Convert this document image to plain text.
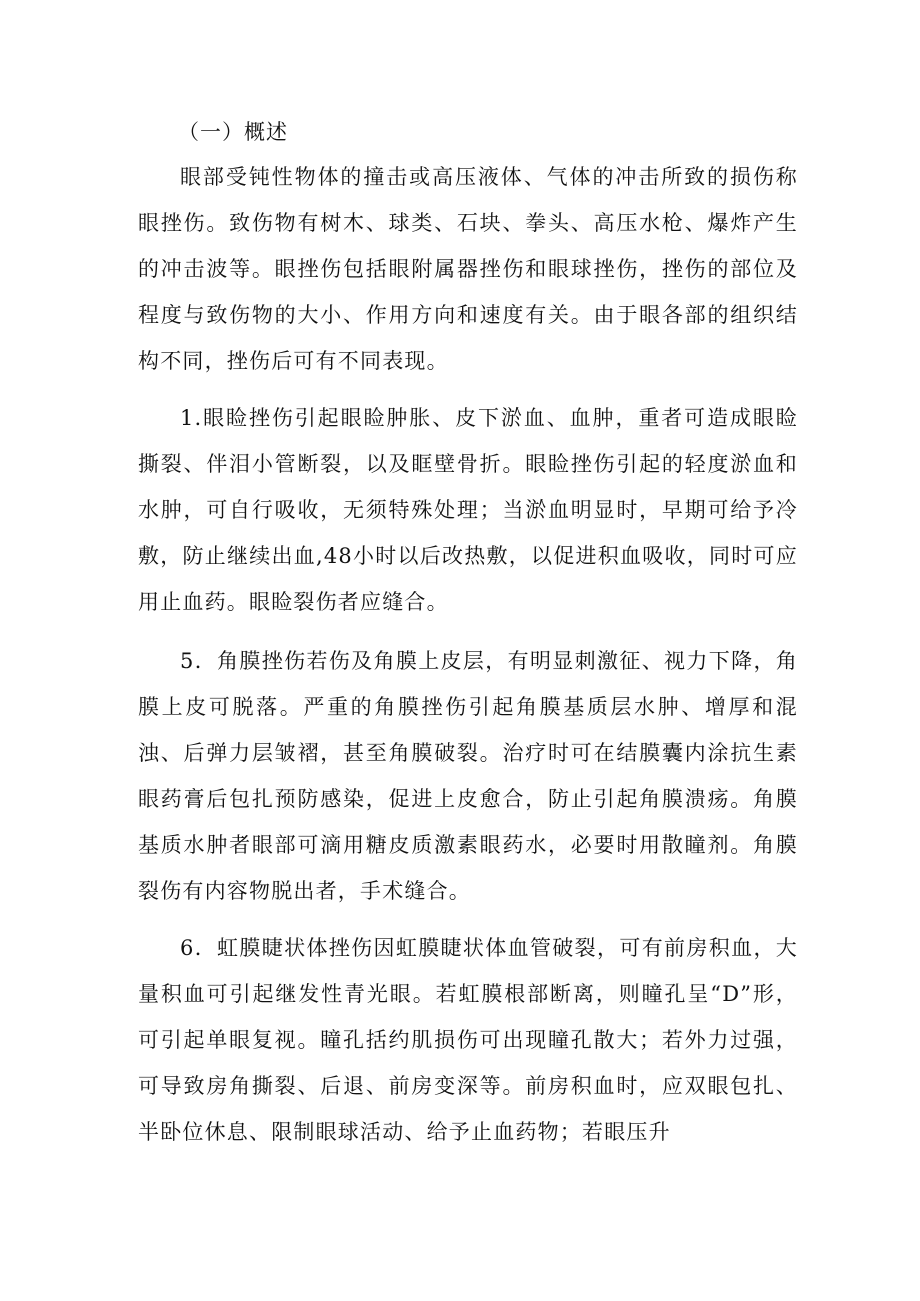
（一）概述

眼部受钝性物体的撞击或高压液体、气体的冲击所致的损伤称眼挫伤。致伤物有树木、球类、石块、拳头、高压水枪、爆炸产生的冲击波等。眼挫伤包括眼附属器挫伤和眼球挫伤，挫伤的部位及程度与致伤物的大小、作用方向和速度有关。由于眼各部的组织结构不同，挫伤后可有不同表现。

1.眼睑挫伤引起眼睑肿胀、皮下淤血、血肿，重者可造成眼睑撕裂、伴泪小管断裂，以及眶壁骨折。眼睑挫伤引起的轻度淤血和水肿，可自行吸收，无须特殊处理；当淤血明显时，早期可给予冷敷，防止继续出血,48小时以后改热敷，以促进积血吸收，同时可应用止血药。眼睑裂伤者应缝合。

5．角膜挫伤若伤及角膜上皮层，有明显刺激征、视力下降，角膜上皮可脱落。严重的角膜挫伤引起角膜基质层水肿、增厚和混浊、后弹力层皱褶，甚至角膜破裂。治疗时可在结膜囊内涂抗生素眼药膏后包扎预防感染，促进上皮愈合，防止引起角膜溃疡。角膜基质水肿者眼部可滴用糖皮质激素眼药水，必要时用散瞳剂。角膜裂伤有内容物脱出者，手术缝合。

6．虹膜睫状体挫伤因虹膜睫状体血管破裂，可有前房积血，大量积血可引起继发性青光眼。若虹膜根部断离，则瞳孔呈“D”形，可引起单眼复视。瞳孔括约肌损伤可出现瞳孔散大；若外力过强，可导致房角撕裂、后退、前房变深等。前房积血时，应双眼包扎、半卧位休息、限制眼球活动、给予止血药物；若眼压升
